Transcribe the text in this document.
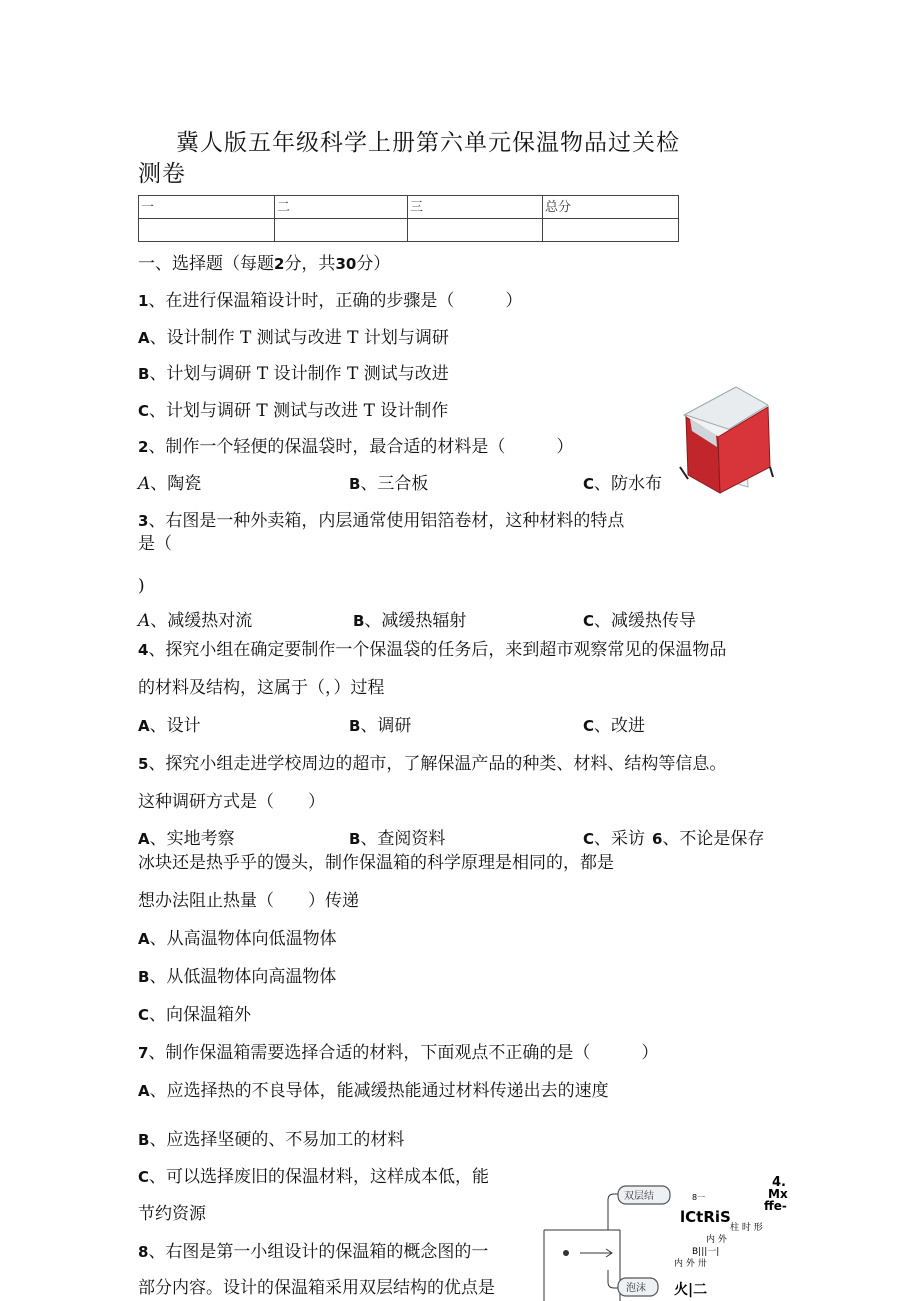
冀人版五年级科学上册第六单元保温物品过关检
测卷
一	二	三	总分

一、选择题（每题2分，共30分）
1、在进行保温箱设计时，正确的步骤是（　　　）
A、设计制作 T 测试与改进 T 计划与调研
B、计划与调研 T 设计制作 T 测试与改进
C、计划与调研 T 测试与改进 T 设计制作
2、制作一个轻便的保温袋时，最合适的材料是（　　　）
A、陶瓷	B、三合板	C、防水布
3、右图是一种外卖箱，内层通常使用铝箔卷材，这种材料的特点
是（
)
A、减缓热对流	B、减缓热辐射	C、减缓热传导
4、探究小组在确定要制作一个保温袋的任务后，来到超市观察常见的保温物品
的材料及结构，这属于（，）过程
A、设计	B、调研	C、改进
5、探究小组走进学校周边的超市，了解保温产品的种类、材料、结构等信息。
这种调研方式是（　　）
A、实地考察	B、查阅资料	C、采访 6、不论是保存
冰块还是热乎乎的馒头，制作保温箱的科学原理是相同的，都是
想办法阻止热量（　　）传递
A、从高温物体向低温物体
B、从低温物体向高温物体
C、向保温箱外
7、制作保温箱需要选择合适的材料，下面观点不正确的是（　　　）
A、应选择热的不良导体，能减缓热能通过材料传递出去的速度
B、应选择坚硬的、不易加工的材料
C、可以选择废旧的保温材料，这样成本低，能
节约资源
8、右图是第一小组设计的保温箱的概念图的一
部分内容。设计的保温箱采用双层结构的优点是
双层结
泡沫
4.
Mx
ffe-
8一
lCtRiS
柱 时 形
内 外
B|||一|
内 外 卅
火|二
